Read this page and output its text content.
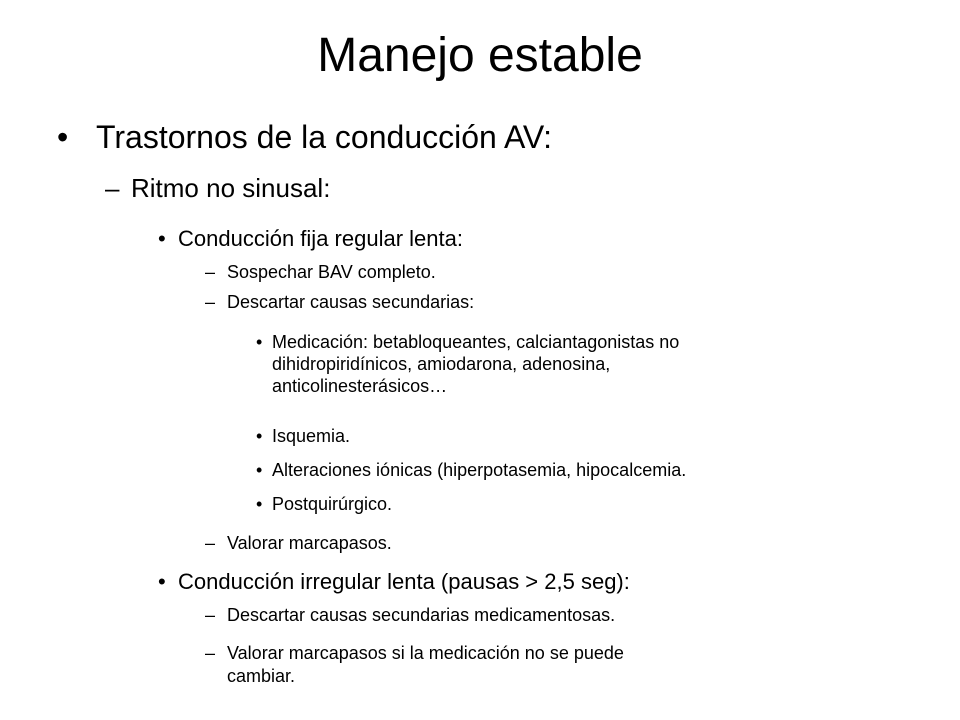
Manejo estable
• Trastornos de la conducción AV:
– Ritmo no sinusal:
• Conducción fija regular lenta:
– Sospechar BAV completo.
– Descartar causas secundarias:
• Medicación: betabloqueantes, calciantagonistas no
dihidropiridínicos, amiodarona, adenosina,
anticolinesterásicos…
• Isquemia.
• Alteraciones iónicas (hiperpotasemia, hipocalcemia.
• Postquirúrgico.
– Valorar marcapasos.
• Conducción irregular lenta (pausas > 2,5 seg):
– Descartar causas secundarias medicamentosas.
– Valorar marcapasos si la medicación no se puede
cambiar.
